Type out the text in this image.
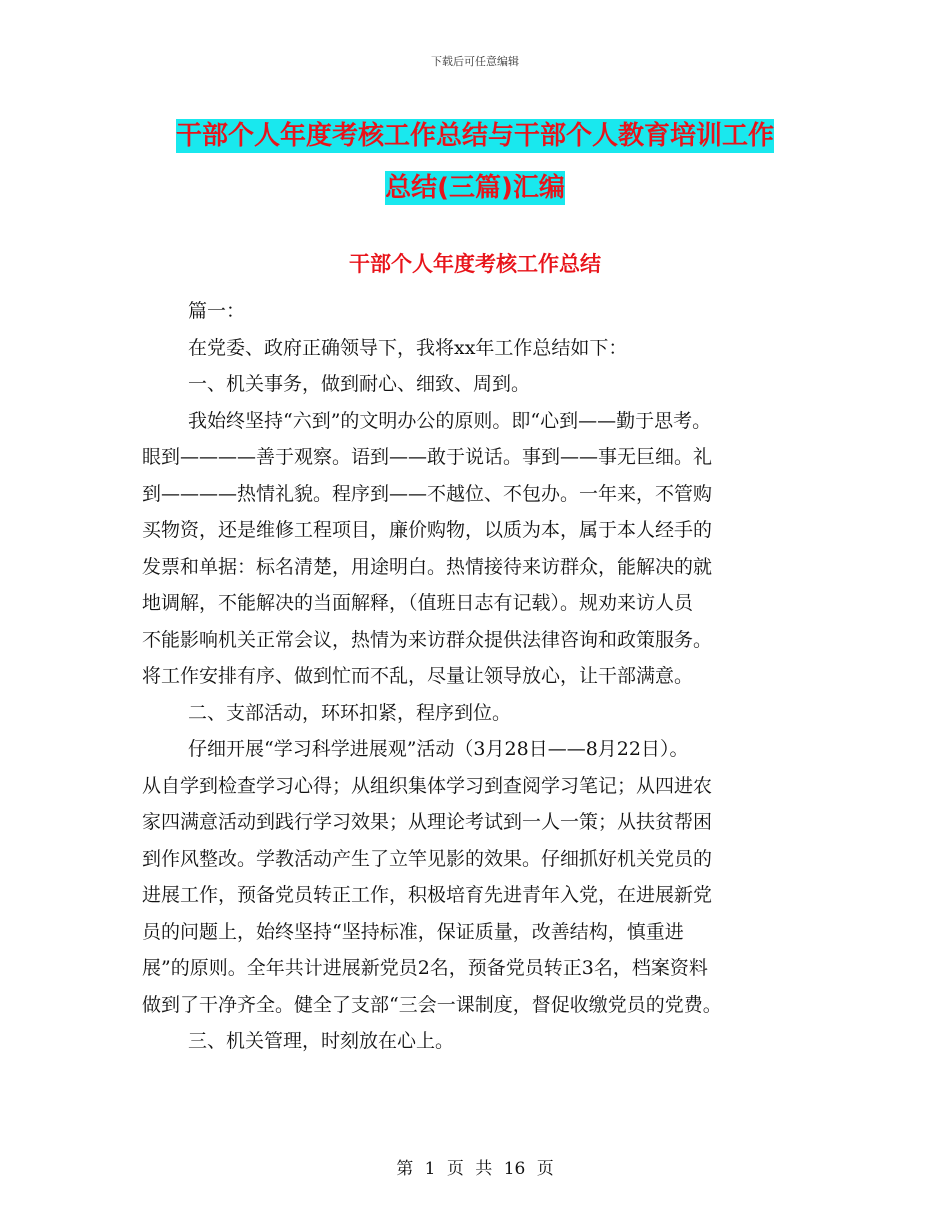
下载后可任意编辑
干部个人年度考核工作总结与干部个人教育培训工作
总结(三篇)汇编
干部个人年度考核工作总结
篇一：
在党委、政府正确领导下，我将xx年工作总结如下：
一、机关事务，做到耐心、细致、周到。
我始终坚持“六到”的文明办公的原则。即“心到——勤于思考。
眼到————善于观察。语到——敢于说话。事到——事无巨细。礼
到————热情礼貌。程序到——不越位、不包办。一年来，不管购
买物资，还是维修工程项目，廉价购物，以质为本，属于本人经手的
发票和单据：标名清楚，用途明白。热情接待来访群众，能解决的就
地调解，不能解决的当面解释，（值班日志有记载）。规劝来访人员
不能影响机关正常会议，热情为来访群众提供法律咨询和政策服务。
将工作安排有序、做到忙而不乱，尽量让领导放心，让干部满意。
二、支部活动，环环扣紧，程序到位。
仔细开展“学习科学进展观”活动（3月28日——8月22日）。
从自学到检查学习心得；从组织集体学习到查阅学习笔记；从四进农
家四满意活动到践行学习效果；从理论考试到一人一策；从扶贫帮困
到作风整改。学教活动产生了立竿见影的效果。仔细抓好机关党员的
进展工作，预备党员转正工作，积极培育先进青年入党，在进展新党
员的问题上，始终坚持“坚持标准，保证质量，改善结构，慎重进
展”的原则。全年共计进展新党员2名，预备党员转正3名，档案资料
做到了干净齐全。健全了支部“三会一课制度，督促收缴党员的党费。
三、机关管理，时刻放在心上。
第 1 页 共 16 页
